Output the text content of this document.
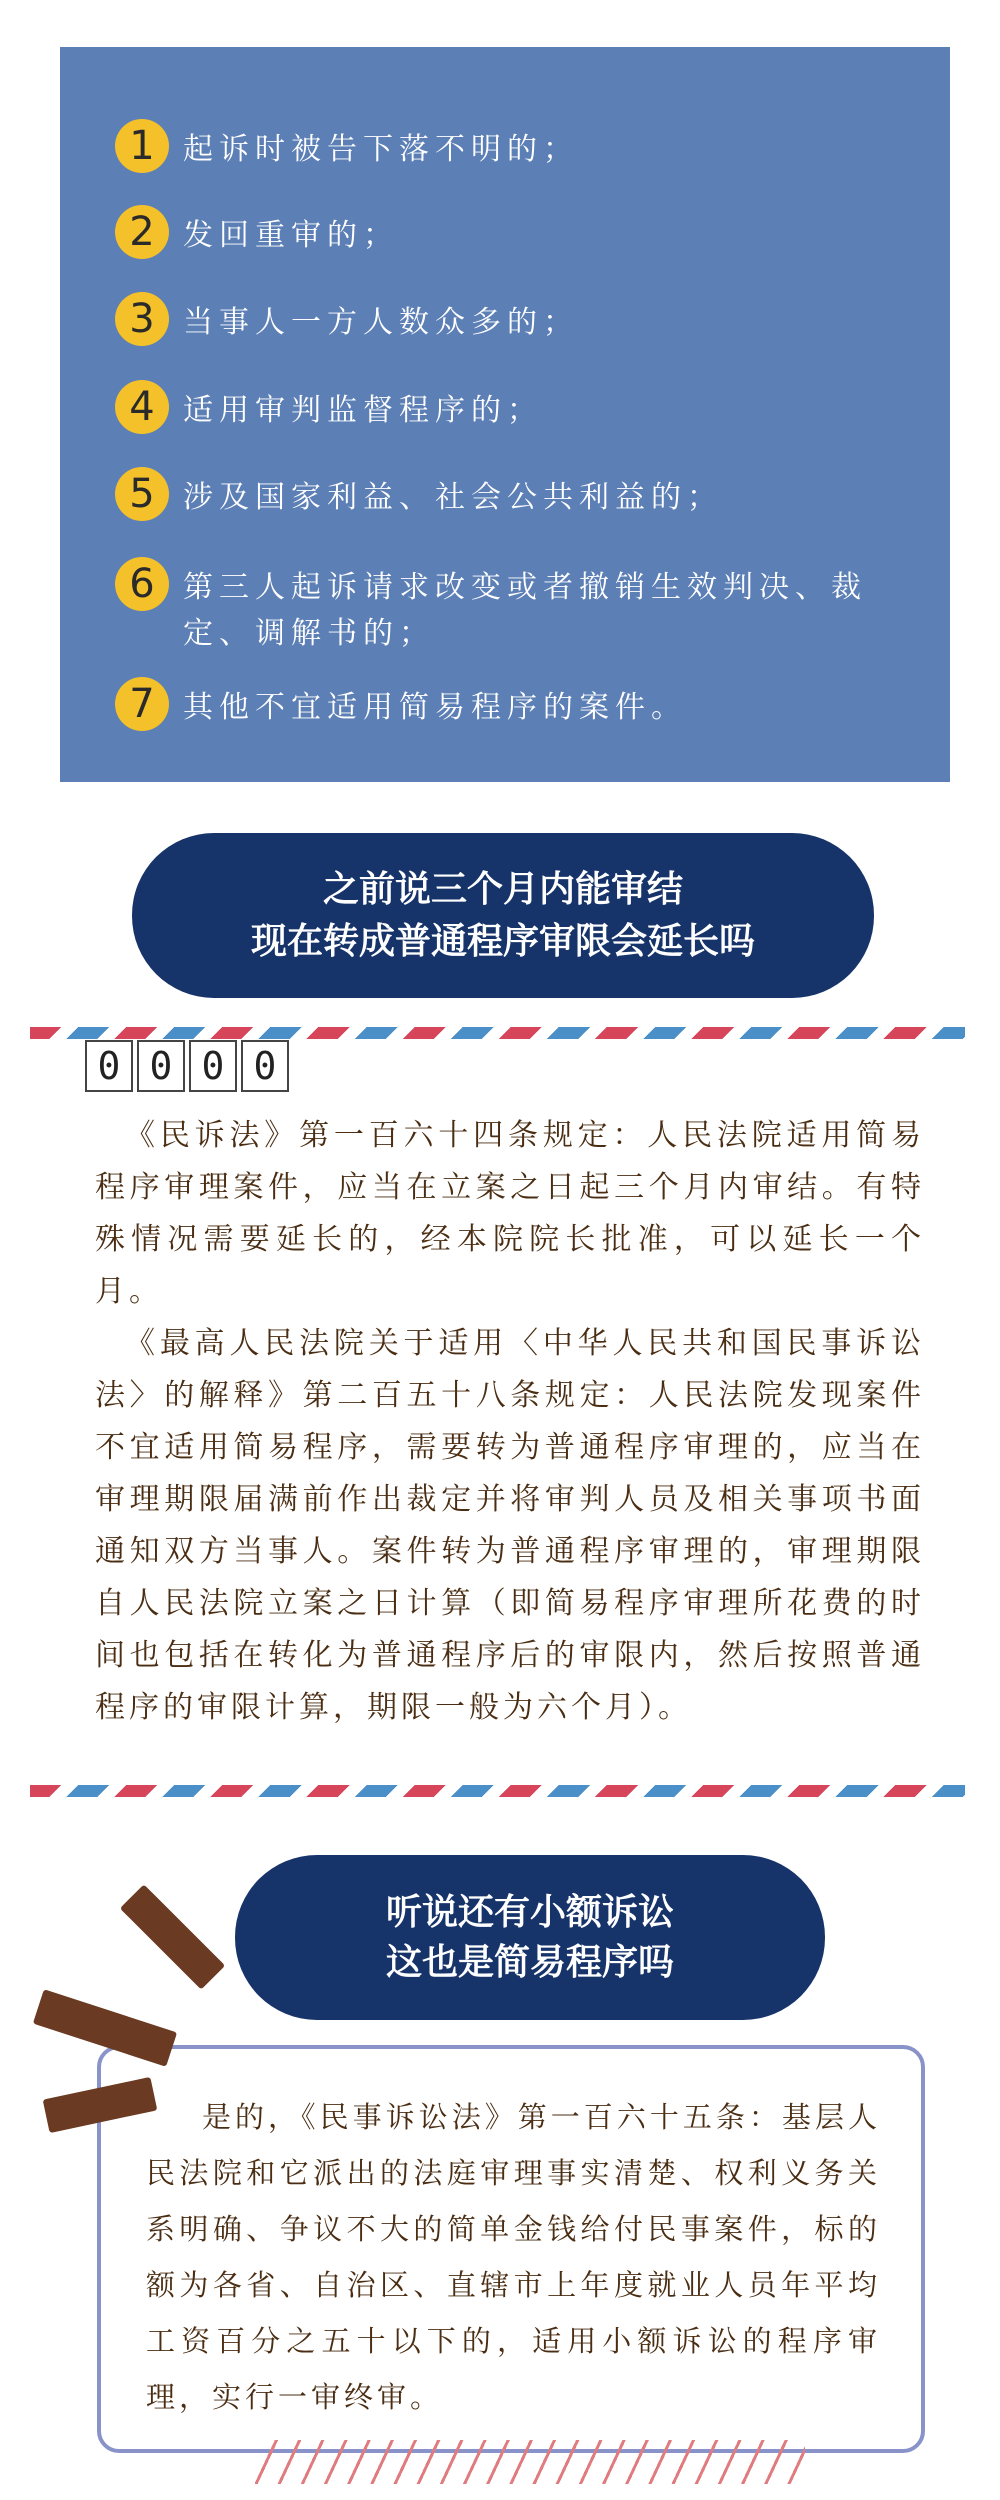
1 起诉时被告下落不明的；
2 发回重审的；
3 当事人一方人数众多的；
4 适用审判监督程序的；
5 涉及国家利益、社会公共利益的；
6 第三人起诉请求改变或者撤销生效判决、裁定、调解书的；
7 其他不宜适用简易程序的案件。
之前说三个月内能审结
现在转成普通程序审限会延长吗
0 0 0 0

《民诉法》第一百六十四条规定：人民法院适用简易程序审理案件，应当在立案之日起三个月内审结。有特殊情况需要延长的，经本院院长批准，可以延长一个月。

《最高人民法院关于适用〈中华人民共和国民事诉讼法〉的解释》第二百五十八条规定：人民法院发现案件不宜适用简易程序，需要转为普通程序审理的，应当在审理期限届满前作出裁定并将审判人员及相关事项书面通知双方当事人。案件转为普通程序审理的，审理期限自人民法院立案之日计算（即简易程序审理所花费的时间也包括在转化为普通程序后的审限内，然后按照普通程序的审限计算，期限一般为六个月）。

听说还有小额诉讼
这也是简易程序吗
是的，《民事诉讼法》第一百六十五条：基层人民法院和它派出的法庭审理事实清楚、权利义务关系明确、争议不大的简单金钱给付民事案件，标的额为各省、自治区、直辖市上年度就业人员年平均工资百分之五十以下的，适用小额诉讼的程序审理，实行一审终审。
